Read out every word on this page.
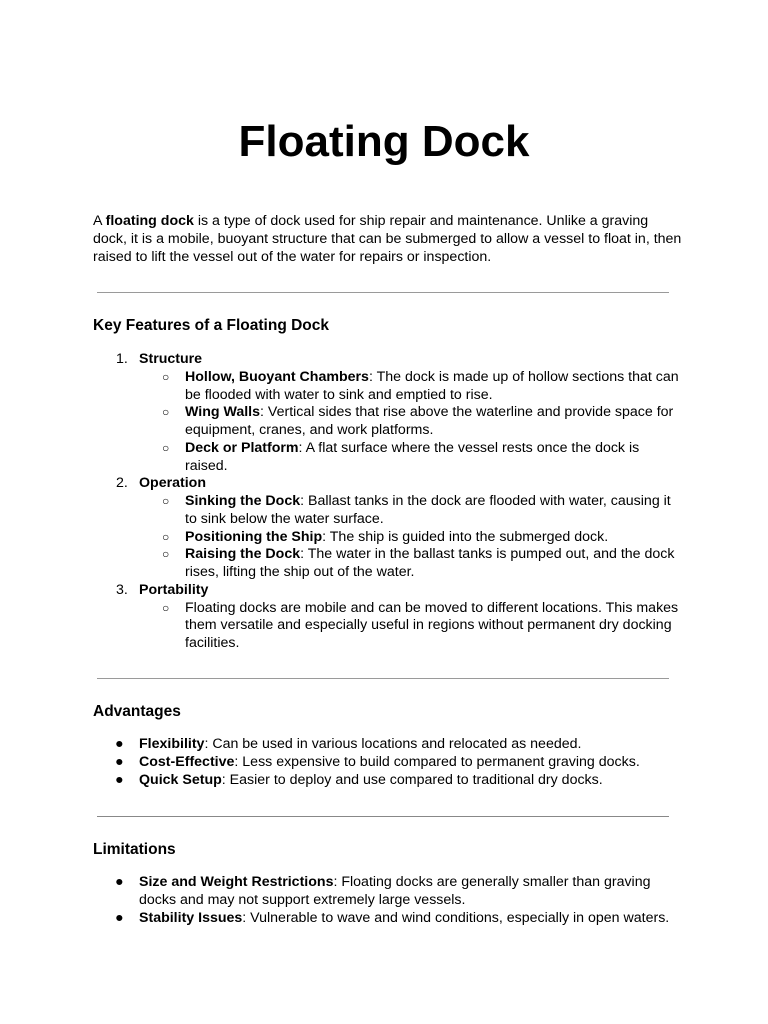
Floating Dock

A floating dock is a type of dock used for ship repair and maintenance. Unlike a graving dock, it is a mobile, buoyant structure that can be submerged to allow a vessel to float in, then raised to lift the vessel out of the water for repairs or inspection.

Key Features of a Floating Dock
1. Structure
○ Hollow, Buoyant Chambers: The dock is made up of hollow sections that can be flooded with water to sink and emptied to rise.
○ Wing Walls: Vertical sides that rise above the waterline and provide space for equipment, cranes, and work platforms.
○ Deck or Platform: A flat surface where the vessel rests once the dock is raised.
2. Operation
○ Sinking the Dock: Ballast tanks in the dock are flooded with water, causing it to sink below the water surface.
○ Positioning the Ship: The ship is guided into the submerged dock.
○ Raising the Dock: The water in the ballast tanks is pumped out, and the dock rises, lifting the ship out of the water.
3. Portability
○ Floating docks are mobile and can be moved to different locations. This makes them versatile and especially useful in regions without permanent dry docking facilities.
Advantages
● Flexibility: Can be used in various locations and relocated as needed.
● Cost-Effective: Less expensive to build compared to permanent graving docks.
● Quick Setup: Easier to deploy and use compared to traditional dry docks.
Limitations
● Size and Weight Restrictions: Floating docks are generally smaller than graving docks and may not support extremely large vessels.
● Stability Issues: Vulnerable to wave and wind conditions, especially in open waters.
